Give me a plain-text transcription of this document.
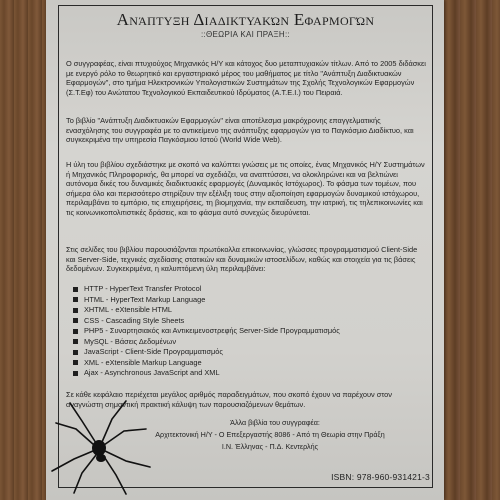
Ανάπτυξη Διαδικτυακών Εφαρμογών
::ΘΕΩΡΙΑ ΚΑΙ ΠΡΑΞΗ::
Ο συγγραφέας, είναι πτυχιούχος Μηχανικός Η/Υ και κάτοχος δυο μεταπτυχιακών τίτλων. Από το 2005 διδάσκει με ενεργό ρόλο το θεωρητικό και εργαστηριακό μέρος του μαθήματος με τίτλο "Ανάπτυξη Διαδικτυακών Εφαρμογών", στο τμήμα Ηλεκτρονικών Υπολογιστικών Συστημάτων της Σχολής Τεχνολογικών Εφαρμογών (Σ.Τ.Εφ) του Ανώτατου Τεχνολογικού Εκπαιδευτικού Ιδρύματος (Α.Τ.Ε.Ι.) του Πειραιά.
Το βιβλίο "Ανάπτυξη Διαδικτυακών Εφαρμογών" είναι αποτέλεσμα μακρόχρονης επαγγελματικής ενασχόλησης του συγγραφέα με το αντικείμενο της ανάπτυξης εφαρμογών για το Παγκόσμιο Διαδίκτυο, και συγκεκριμένα την υπηρεσία Παγκόσμιου Ιστού (World Wide Web).
Η ύλη του βιβλίου σχεδιάστηκε με σκοπό να καλύπτει γνώσεις με τις οποίες, ένας Μηχανικός Η/Υ Συστημάτων ή Μηχανικός Πληροφορικής, θα μπορεί να σχεδιάζει, να αναπτύσσει, να ολοκληρώνει και να βελτιώνει αυτόνομα δικές του δυναμικές διαδικτυακές εφαρμογές (Δυναμικός Ιστόχωρος). Το φάσμα των τομέων, που σήμερα όλο και περισσότερο στηρίζουν την εξέλιξη τους στην αξιοποίηση εφαρμογών δυναμικού ιστόχωρου, περιλαμβάνει το εμπόριο, τις επιχειρήσεις, τη βιομηχανία, την εκπαίδευση, την ιατρική, τις τηλεπικοινωνίες και τις κοινωνικοπολιτιστικές δράσεις, και το φάσμα αυτό συνεχώς διευρύνεται.
Στις σελίδες του βιβλίου παρουσιάζονται πρωτόκολλα επικοινωνίας, γλώσσες προγραμματισμού Client-Side και Server-Side, τεχνικές σχεδίασης στατικών και δυναμικών ιστοσελίδων, καθώς και στοιχεία για τις βάσεις δεδομένων. Συγκεκριμένα, η καλυπτόμενη ύλη περιλαμβάνει:
HTTP - HyperText Transfer Protocol
HTML - HyperText Markup Language
XHTML - eXtensible HTML
CSS - Cascading Style Sheets
PHP5 - Συναρτησιακός και Αντικειμενοστρεφής Server-Side Προγραμματισμός
MySQL - Βάσεις Δεδομένων
JavaScript - Client-Side Προγραμματισμός
XML - eXtensible Markup Language
Ajax - Asynchronous JavaScript and XML
Σε κάθε κεφάλαιο περιέχεται μεγάλος αριθμός παραδειγμάτων, που σκοπό έχουν να παρέχουν στον αναγνώστη σημαντική πρακτική κάλυψη των παρουσιαζόμενων θεμάτων.
Άλλα βιβλία του συγγραφέα:
Αρχιτεκτονική Η/Υ - Ο Επεξεργαστής 8086 - Από τη Θεωρία στην Πράξη
Ι.Ν. Έλληνας - Π.Δ. Κεντερλής
ISBN: 978-960-931421-3
